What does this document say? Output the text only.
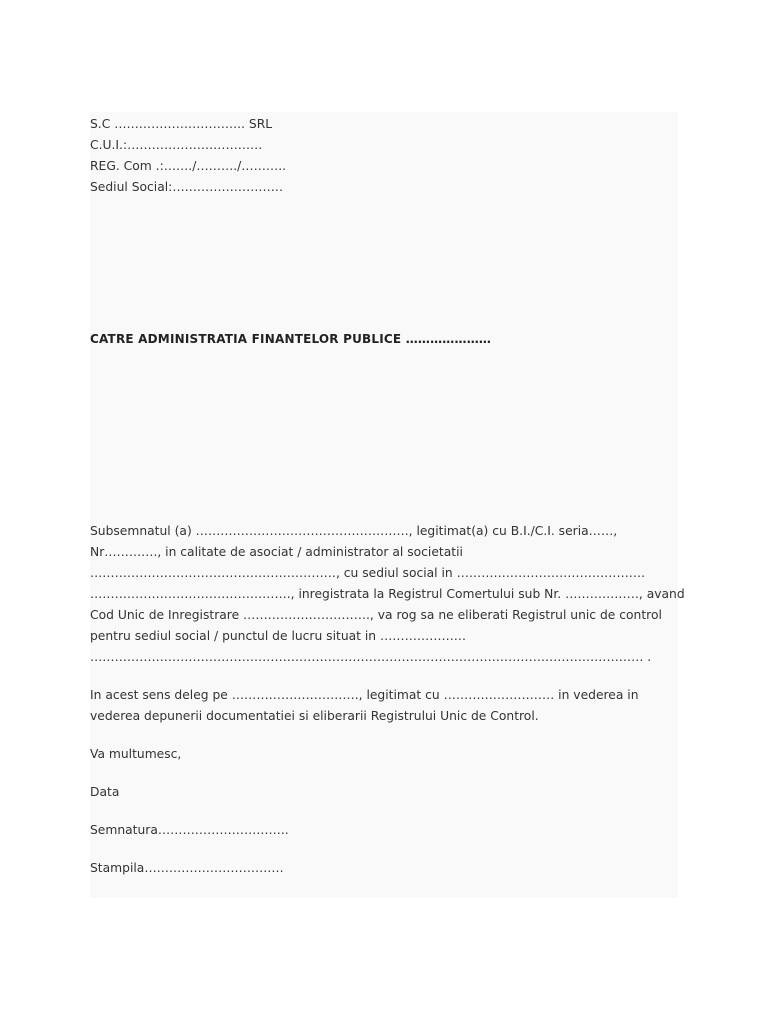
S.C ………………………….. SRL
C.U.I.:……………………………
REG. Com .:……./………./………..
Sediul Social:………………………
CATRE ADMINISTRATIA FINANTELOR PUBLICE …………………
Subsemnatul (a) ……………………………………………., legitimat(a) cu B.I./C.I. seria……,
Nr…………., in calitate de asociat / administrator al societatii
……………………………………………………, cu sediul social in ……………………………………….
…………………………………………., inregistrata la Registrul Comertului sub Nr. ………………, avand
Cod Unic de Inregistrare …………………………., va rog sa ne eliberati Registrul unic de control
pentru sediul social / punctul de lucru situat in …………………
……………………………………………………………………………………………………………………… .
In acest sens deleg pe …………………………., legitimat cu ……………………… in vederea in
vederea depunerii documentatiei si eliberarii Registrului Unic de Control.
Va multumesc,
Data
Semnatura…………………………..
Stampila…………………………….
